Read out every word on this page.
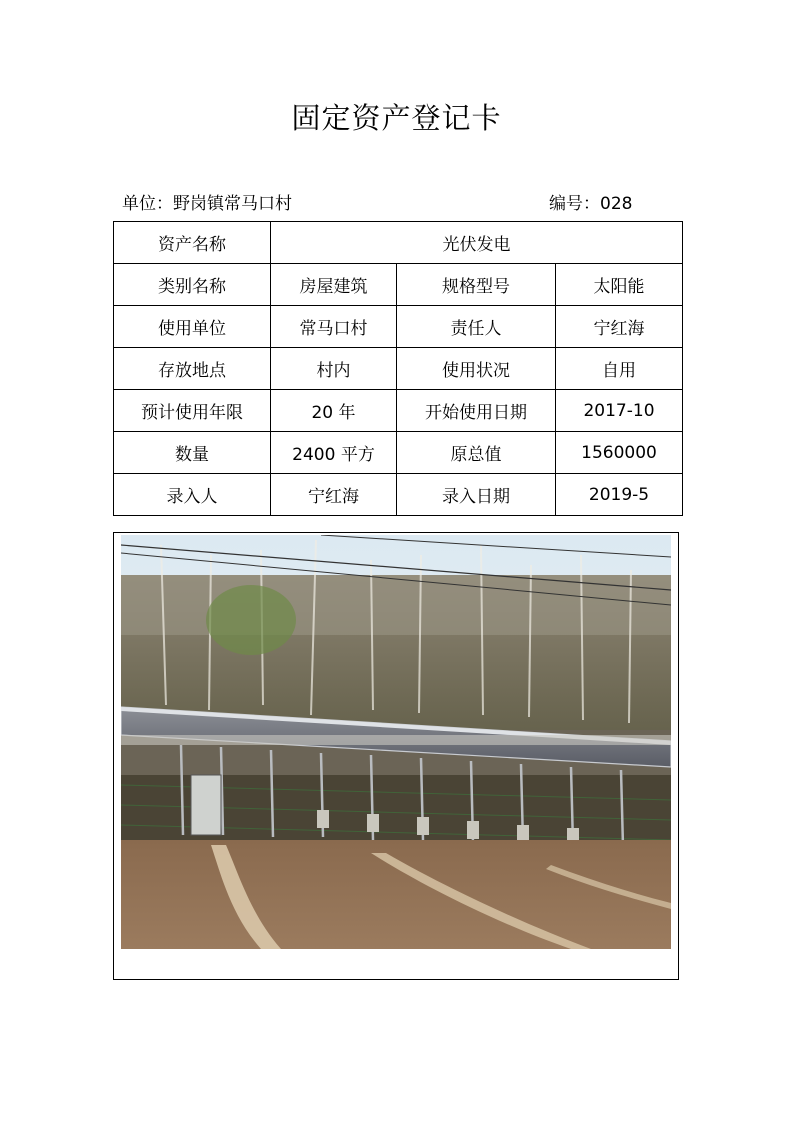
固定资产登记卡
单位：野岗镇常马口村	编号：028
资产名称	光伏发电		
类别名称	房屋建筑	规格型号	太阳能
使用单位	常马口村	责任人	宁红海
存放地点	村内	使用状况	自用
预计使用年限	20 年	开始使用日期	2017-10
数量	2400 平方	原总值	1560000
录入人	宁红海	录入日期	2019-5
